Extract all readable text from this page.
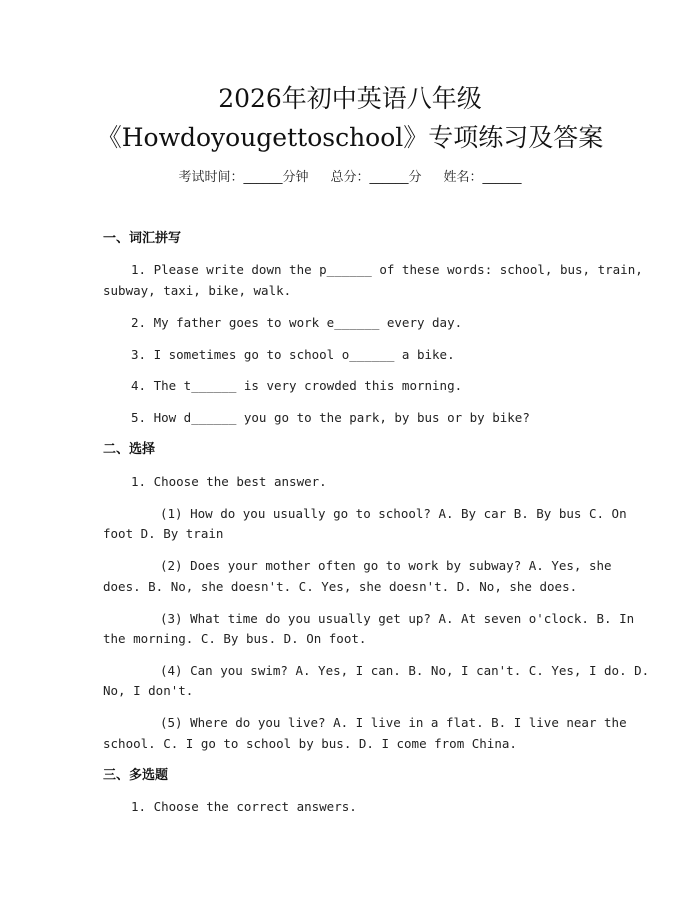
2026年初中英语八年级
《Howdoyougettoschool》专项练习及答案
考试时间：______分钟 总分：______分 姓名：______
一、词汇拼写
1. Please write down the p______ of these words: school, bus, train,
subway, taxi, bike, walk.
2. My father goes to work e______ every day.
3. I sometimes go to school o______ a bike.
4. The t______ is very crowded this morning.
5. How d______ you go to the park, by bus or by bike?
二、选择
1. Choose the best answer.
(1) How do you usually go to school? A. By car B. By bus C. On
foot D. By train
(2) Does your mother often go to work by subway? A. Yes, she
does. B. No, she doesn't. C. Yes, she doesn't. D. No, she does.
(3) What time do you usually get up? A. At seven o'clock. B. In
the morning. C. By bus. D. On foot.
(4) Can you swim? A. Yes, I can. B. No, I can't. C. Yes, I do. D.
No, I don't.
(5) Where do you live? A. I live in a flat. B. I live near the
school. C. I go to school by bus. D. I come from China.
三、多选题
1. Choose the correct answers.
